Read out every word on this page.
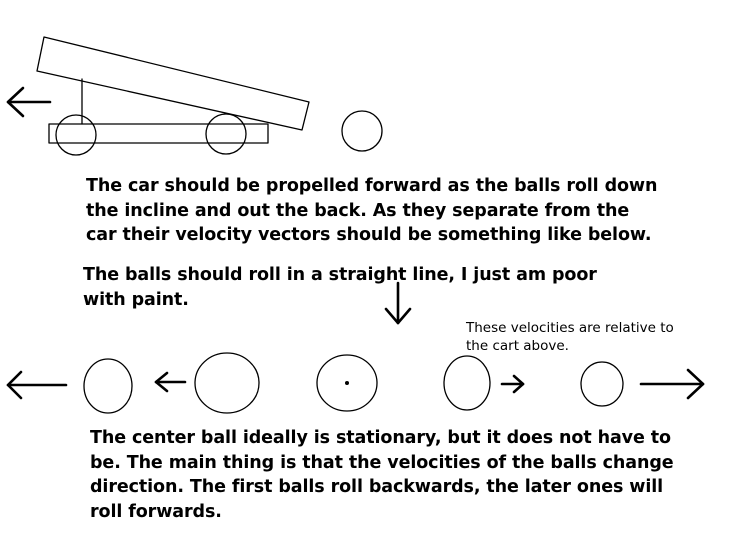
The car should be propelled forward as the balls roll down
the incline and out the back. As they separate from the
car their velocity vectors should be something like below.
The balls should roll in a straight line, I just am poor
with paint.
These velocities are relative to
the cart above.
The center ball ideally is stationary, but it does not have to
be. The main thing is that the velocities of the balls change
direction. The first balls roll backwards, the later ones will
roll forwards.
